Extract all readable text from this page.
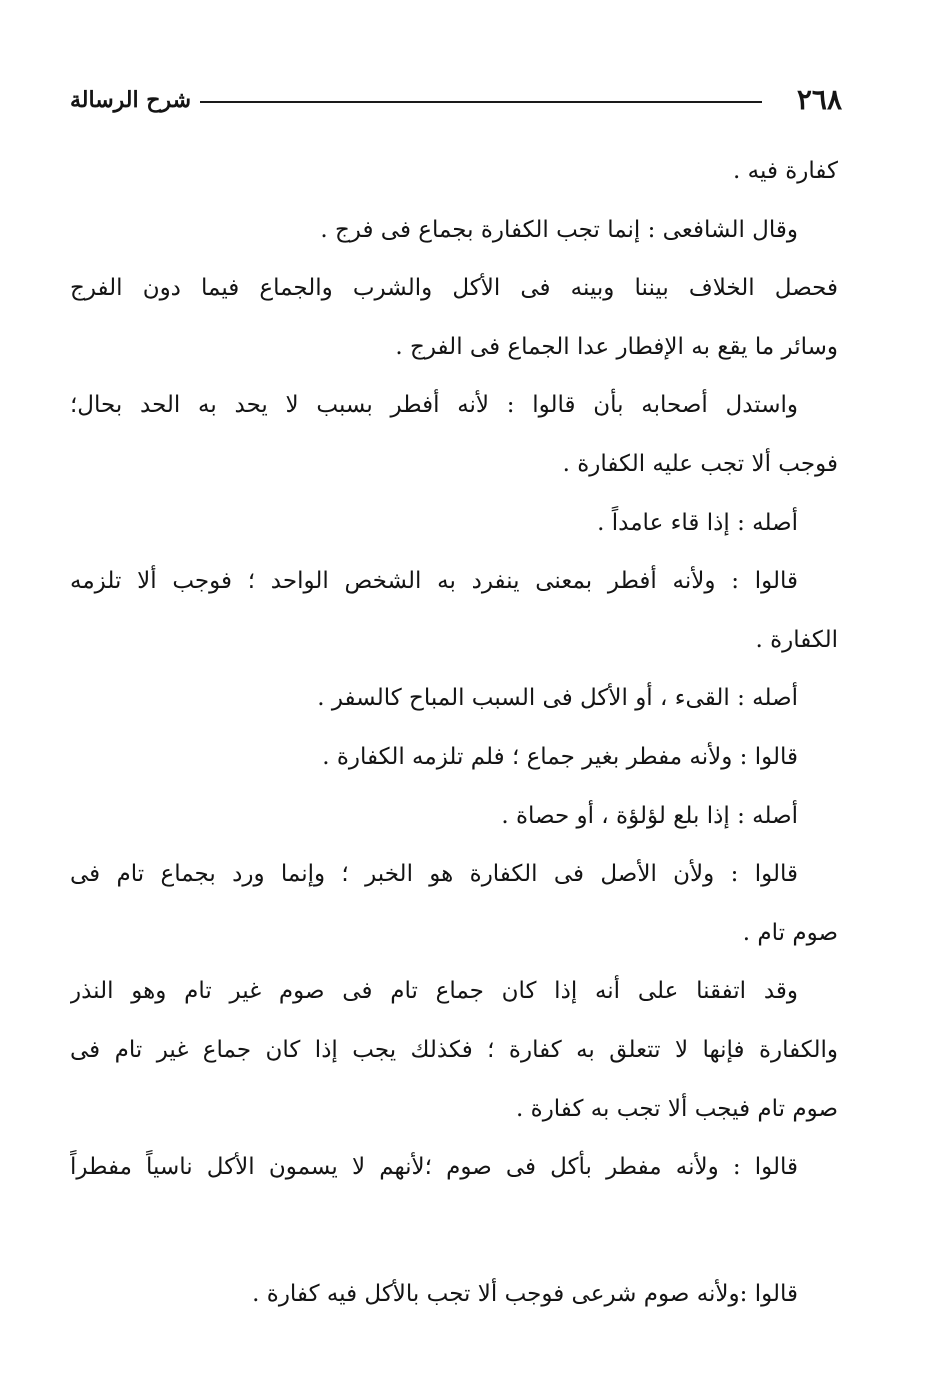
٢٦٨
شرح الرسالة
كفارة فيه .
وقال الشافعى : إنما تجب الكفارة بجماع فى فرج .
فحصل الخلاف بيننا وبينه فى الأكل والشرب والجماع فيما دون الفرج
وسائر ما يقع به الإفطار عدا الجماع فى الفرج .
واستدل أصحابه بأن قالوا : لأنه أفطر بسبب لا يحد به الحد بحال؛
فوجب ألا تجب عليه الكفارة .
أصله : إذا قاء عامداً .
قالوا : ولأنه أفطر بمعنى ينفرد به الشخص الواحد ؛ فوجب ألا تلزمه
الكفارة .
أصله : القىء ، أو الأكل فى السبب المباح كالسفر .
قالوا : ولأنه مفطر بغير جماع ؛ فلم تلزمه الكفارة .
أصله : إذا بلع لؤلؤة ، أو حصاة .
قالوا : ولأن الأصل فى الكفارة هو الخبر ؛ وإنما ورد بجماع تام فى
صوم تام .
وقد اتفقنا على أنه إذا كان جماع تام فى صوم غير تام وهو النذر
والكفارة فإنها لا تتعلق به كفارة ؛ فكذلك يجب إذا كان جماع غير تام فى
صوم تام فيجب ألا تجب به كفارة .
قالوا : ولأنه مفطر بأكل فى صوم ؛لأنهم لا يسمون الأكل ناسياً مفطراً
قالوا :ولأنه صوم شرعى فوجب ألا تجب بالأكل فيه كفارة .
